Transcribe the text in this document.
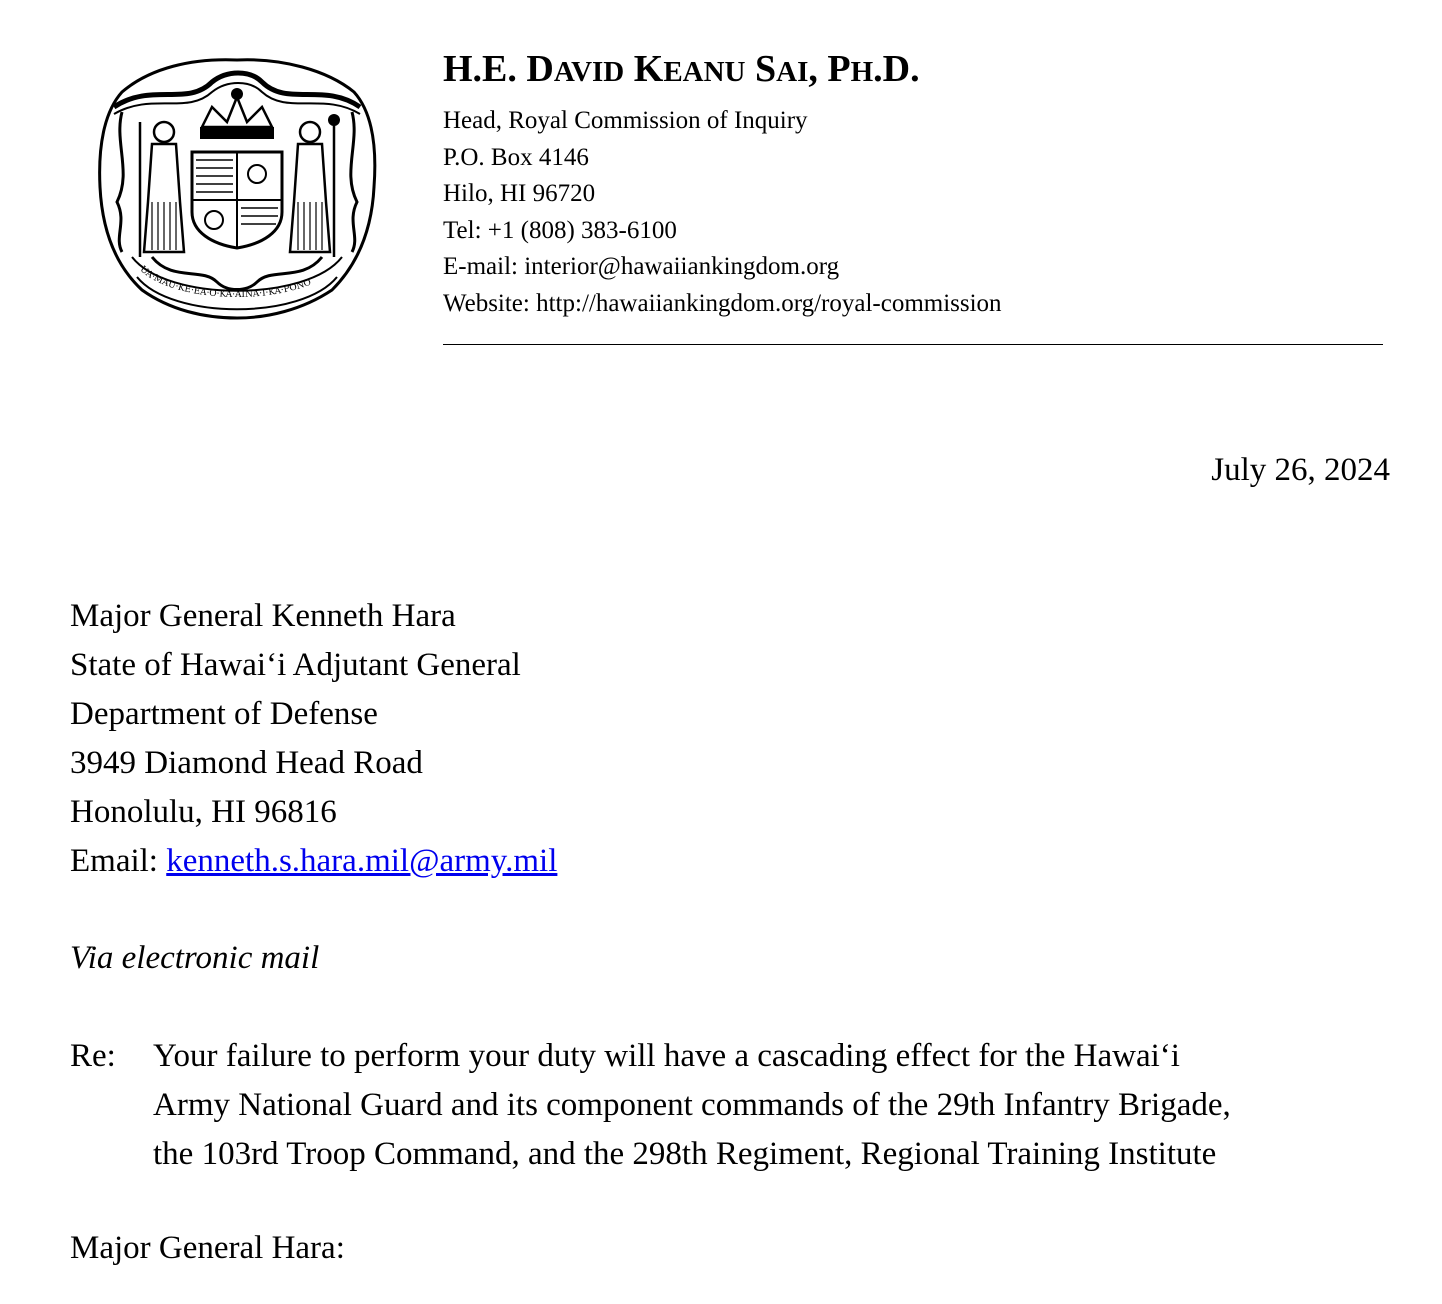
UA·MAU·KE·EA·O·KA·AINA·I·KA·PONO
H.E. DAVID KEANU SAI, PH.D.
Head, Royal Commission of Inquiry
P.O. Box 4146
Hilo, HI 96720
Tel: +1 (808) 383-6100
E-mail: interior@hawaiiankingdom.org
Website: http://hawaiiankingdom.org/royal-commission
July 26, 2024
Major General Kenneth Hara
State of Hawaiʻi Adjutant General
Department of Defense
3949 Diamond Head Road
Honolulu, HI 96816
Email: kenneth.s.hara.mil@army.mil
Via electronic mail
Re: Your failure to perform your duty will have a cascading effect for the Hawaiʻi
Army National Guard and its component commands of the 29th Infantry Brigade,
the 103rd Troop Command, and the 298th Regiment, Regional Training Institute
Major General Hara:
